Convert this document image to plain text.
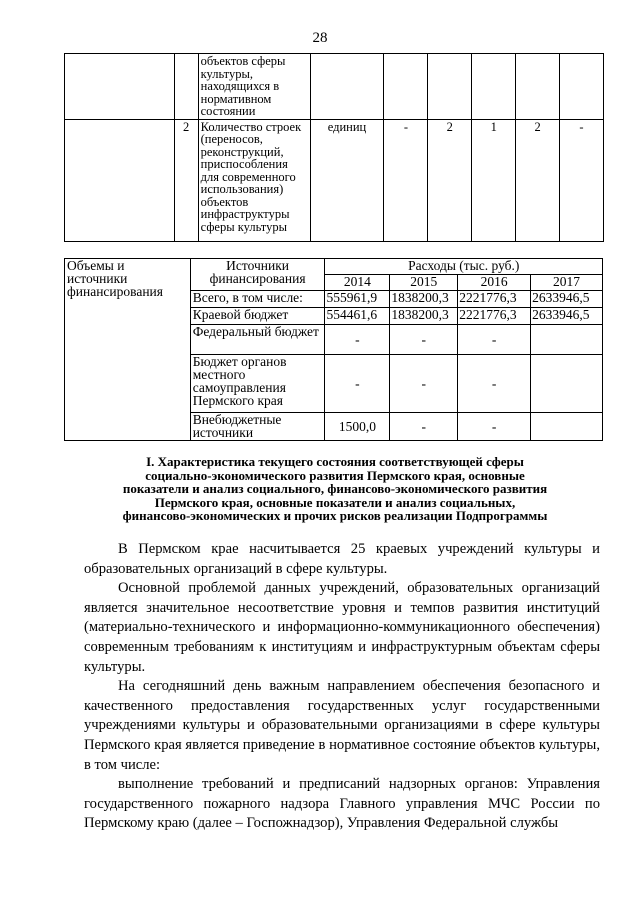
28
		объектов сферы культуры, находящихся в нормативном состоянии						
	2	Количество строек (переносов, реконструкций, приспособления для современного использования) объектов инфраструктуры сферы культуры	единиц	-	2	1	2	-
Объемы и источники финансирования	Источники финансирования	Расходы (тыс. руб.)			
		2014	2015	2016	2017
	Всего, в том числе:	555961,9	1838200,3	2221776,3	2633946,5
	Краевой бюджет	554461,6	1838200,3	2221776,3	2633946,5
	Федеральный бюджет	-	-	-	
	Бюджет органов местного самоуправления Пермского края	-	-	-	
	Внебюджетные источники	1500,0	-	-	
I. Характеристика текущего состояния соответствующей сферы
социально-экономического развития Пермского края, основные
показатели и анализ социального, финансово-экономического развития
Пермского края, основные показатели и анализ социальных,
финансово-экономических и прочих рисков реализации Подпрограммы

В Пермском крае насчитывается 25 краевых учреждений культуры и образовательных организаций в сфере культуры.

Основной проблемой данных учреждений, образовательных организаций является значительное несоответствие уровня и темпов развития институций (материально-технического и информационно-коммуникационного обеспечения) современным требованиям к институциям и инфраструктурным объектам сферы культуры.

На сегодняшний день важным направлением обеспечения безопасного и качественного предоставления государственных услуг государственными учреждениями культуры и образовательными организациями в сфере культуры Пермского края является приведение в нормативное состояние объектов культуры, в том числе:

выполнение требований и предписаний надзорных органов: Управления государственного пожарного надзора Главного управления МЧС России по Пермскому краю (далее – Госпожнадзор), Управления Федеральной службы
